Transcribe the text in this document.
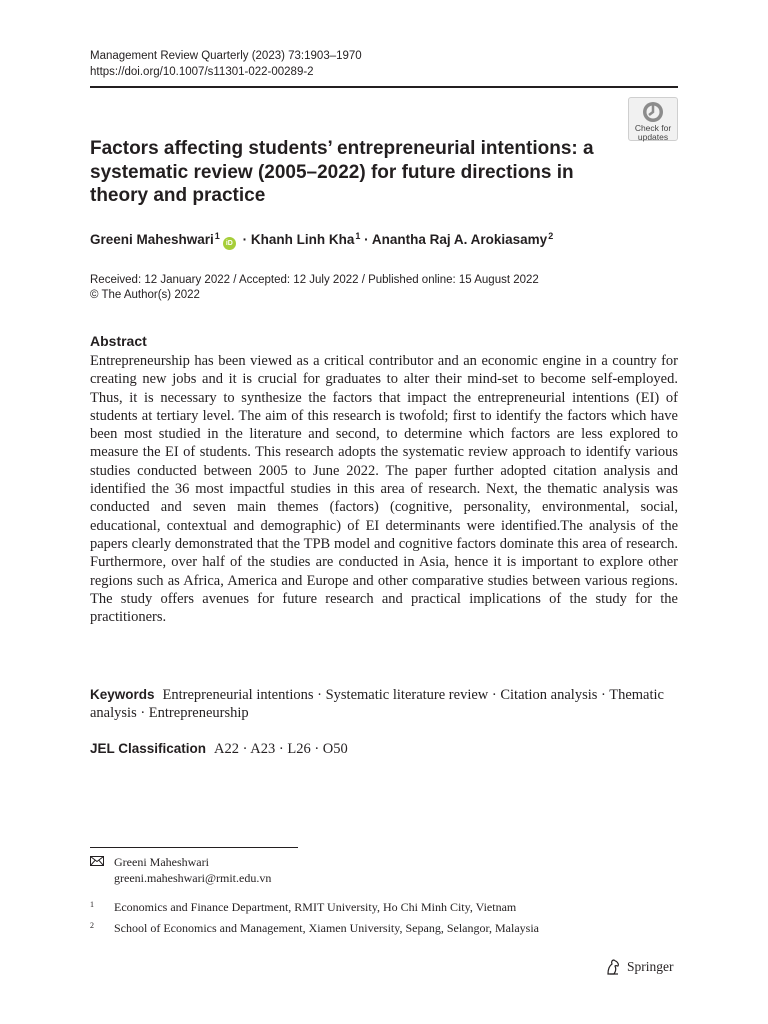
Management Review Quarterly (2023) 73:1903–1970
https://doi.org/10.1007/s11301-022-00289-2
Check for
updates
Factors affecting students’ entrepreneurial intentions: a systematic review (2005–2022) for future directions in theory and practice
Greeni Maheshwari$^1$iD · Khanh Linh Kha$^1$ · Anantha Raj A. Arokiasamy$^2$
Received: 12 January 2022 / Accepted: 12 July 2022 / Published online: 15 August 2022
© The Author(s) 2022
Abstract

Entrepreneurship has been viewed as a critical contributor and an economic engine in a country for creating new jobs and it is crucial for graduates to alter their mind-set to become self-employed. Thus, it is necessary to synthesize the factors that impact the entrepreneurial intentions (EI) of students at tertiary level. The aim of this research is twofold; first to identify the factors which have been most studied in the literature and second, to determine which factors are less explored to measure the EI of students. This research adopts the systematic review approach to identify various studies conducted between 2005 to June 2022. The paper further adopted citation analysis and identified the 36 most impactful studies in this area of research. Next, the thematic analysis was conducted and seven main themes (factors) (cognitive, personality, environmental, social, educational, contextual and demographic) of EI determinants were identified.The analysis of the papers clearly demonstrated that the TPB model and cognitive factors dominate this area of research. Furthermore, over half of the studies are conducted in Asia, hence it is important to explore other regions such as Africa, America and Europe and other comparative studies between various regions. The study offers avenues for future research and practical implications of the study for the practitioners.

Keywords Entrepreneurial intentions · Systematic literature review · Citation analysis · Thematic analysis · Entrepreneurship

JEL Classification A22 · A23 · L26 · O50
Greeni Maheshwari
greeni.maheshwari@rmit.edu.vn
$^1$ Economics and Finance Department, RMIT University, Ho Chi Minh City, Vietnam
$^2$ School of Economics and Management, Xiamen University, Sepang, Selangor, Malaysia
Springer
